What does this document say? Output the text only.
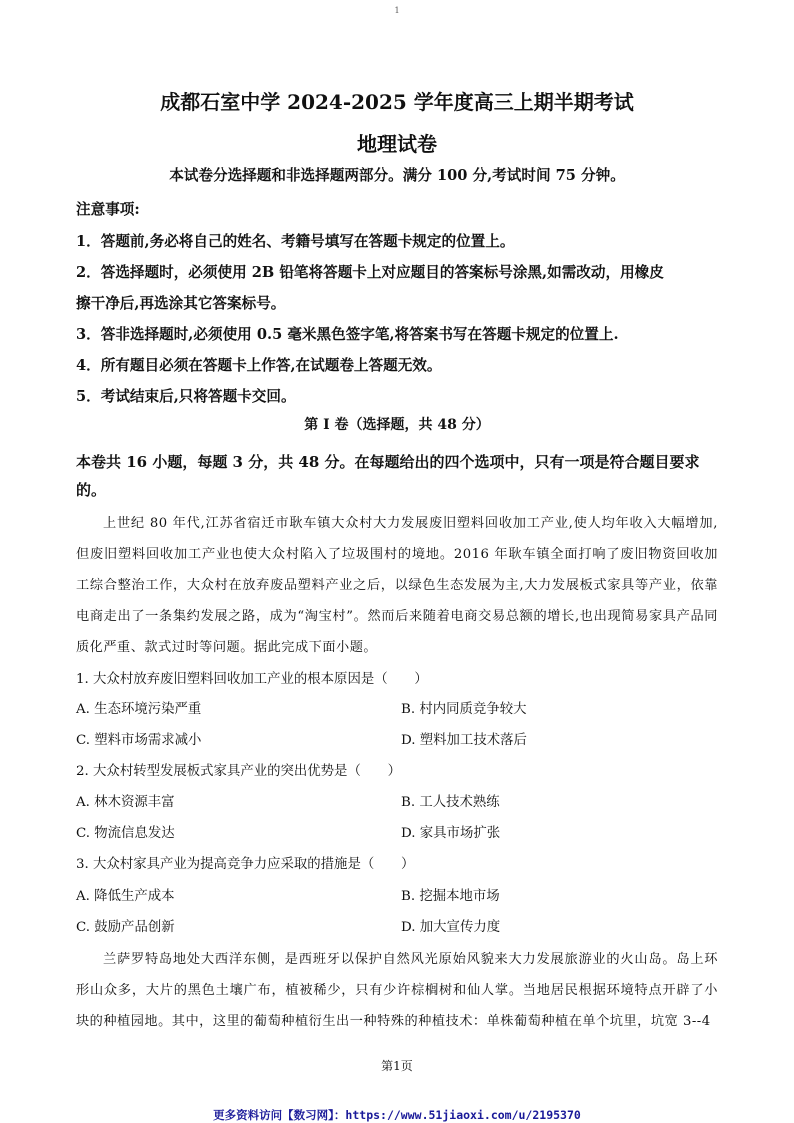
1
成都石室中学 2024-2025 学年度高三上期半期考试
地理试卷
本试卷分选择题和非选择题两部分。满分 100 分,考试时间 75 分钟。
注意事项:
1．答题前,务必将自己的姓名、考籍号填写在答题卡规定的位置上。
2．答选择题时，必须使用 2B 铅笔将答题卡上对应题目的答案标号涂黑,如需改动，用橡皮
擦干净后,再选涂其它答案标号。
3．答非选择题时,必须使用 0.5 毫米黑色签字笔,将答案书写在答题卡规定的位置上.
4．所有题目必须在答题卡上作答,在试题卷上答题无效。
5．考试结束后,只将答题卡交回。
第 I 卷（选择题，共 48 分）
本卷共 16 小题，每题 3 分，共 48 分。在每题给出的四个选项中，只有一项是符合题目要求的。
上世纪 80 年代,江苏省宿迁市耿车镇大众村大力发展废旧塑料回收加工产业,使人均年收入大幅增加,但废旧塑料回收加工产业也使大众村陷入了垃圾围村的境地。2016 年耿车镇全面打响了废旧物资回收加工综合整治工作，大众村在放弃废品塑料产业之后，以绿色生态发展为主,大力发展板式家具等产业，依靠电商走出了一条集约发展之路，成为“淘宝村”。然而后来随着电商交易总额的增长,也出现简易家具产品同质化严重、款式过时等问题。据此完成下面小题。
1. 大众村放弃废旧塑料回收加工产业的根本原因是（　　）
A. 生态环境污染严重	B. 村内同质竞争较大
C. 塑料市场需求减小	D. 塑料加工技术落后
2. 大众村转型发展板式家具产业的突出优势是（　　）
A. 林木资源丰富	B. 工人技术熟练
C. 物流信息发达	D. 家具市场扩张
3. 大众村家具产业为提高竞争力应采取的措施是（　　）
A. 降低生产成本	B. 挖掘本地市场
C. 鼓励产品创新	D. 加大宣传力度
兰萨罗特岛地处大西洋东侧，是西班牙以保护自然风光原始风貌来大力发展旅游业的火山岛。岛上环形山众多，大片的黑色土壤广布，植被稀少，只有少许棕榈树和仙人掌。当地居民根据环境特点开辟了小块的种植园地。其中，这里的葡萄种植衍生出一种特殊的种植技术：单株葡萄种植在单个坑里，坑宽 3--4
第1页
更多资料访问【数习网】：https://www.51jiaoxi.com/u/2195370
